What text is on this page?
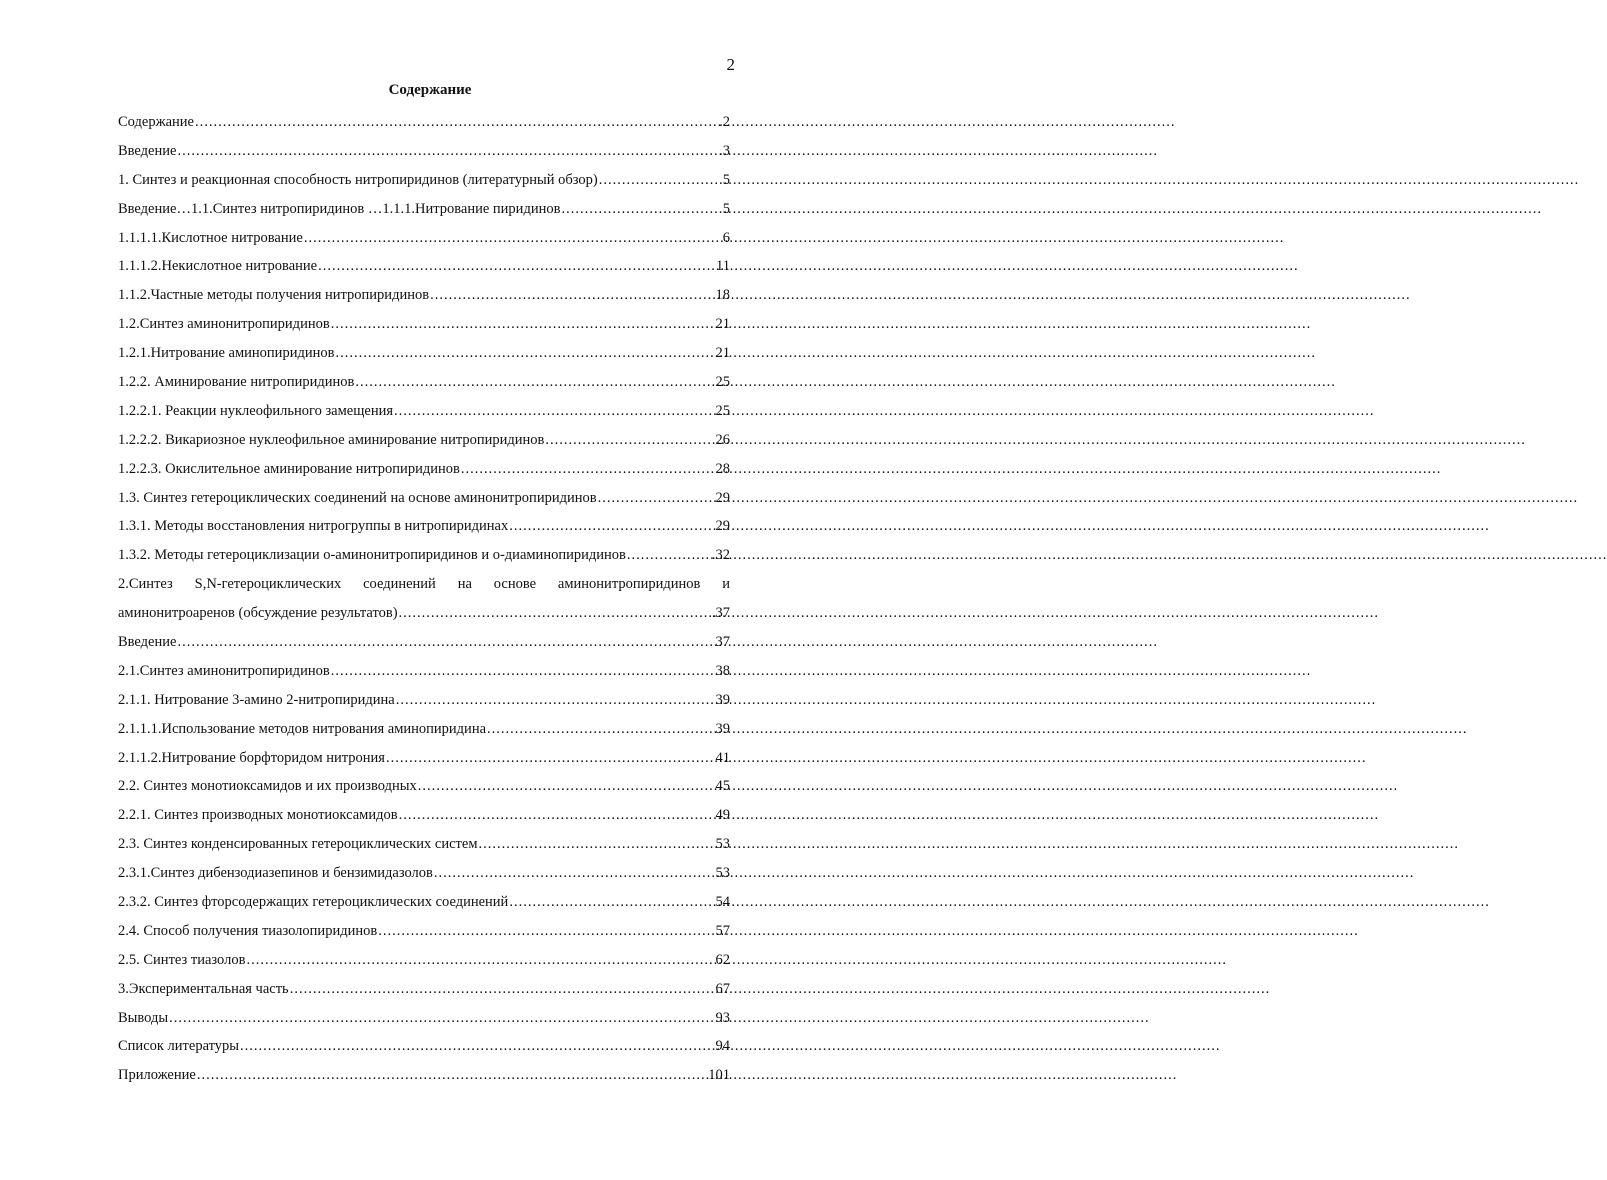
2
Содержание
Содержание .....	.2
Введение .....	.3
1. Синтез и реакционная способность нитропиридинов (литературный обзор) .....	5
Введение…1.1.Синтез нитропиридинов …1.1.1.Нитрование пиридинов .....	5
1.1.1.1.Кислотное нитрование .....	6
1.1.1.2.Некислотное нитрование .....	11
1.1.2.Частные методы получения нитропиридинов .....	18
1.2.Синтез аминонитропиридинов .....	21
1.2.1.Нитрование аминопиридинов .....	21
1.2.2. Аминирование нитропиридинов .....	25
1.2.2.1. Реакции нуклеофильного замещения .....	25
1.2.2.2. Викариозное нуклеофильное аминирование нитропиридинов .....	26
1.2.2.3. Окислительное аминирование нитропиридинов .....	28
1.3. Синтез гетероциклических соединений на основе аминонитропиридинов .....	29
1.3.1. Методы восстановления нитрогруппы в нитропиридинах .....	29
1.3.2. Методы гетероциклизации о-аминонитропиридинов и о-диаминопиридинов .....	.32
2.Синтез S,N-гетероциклических соединений на основе аминонитропиридинов и
аминонитроаренов (обсуждение результатов) .....	.37
Введение .....	37
2.1.Синтез аминонитропиридинов .....	38
2.1.1. Нитрование 3-амино 2-нитропиридина .....	39
2.1.1.1.Использование методов нитрования аминопиридина .....	39
2.1.1.2.Нитрование борфторидом нитрония .....	41
2.2. Синтез монотиоксамидов и их производных .....	45
2.2.1. Синтез производных монотиоксамидов .....	49
2.3. Синтез конденсированных гетероциклических систем .....	53
2.3.1.Синтез дибензодиазепинов и бензимидазолов .....	53
2.3.2. Синтез фторсодержащих гетероциклических соединений .....	54
2.4. Способ получения тиазолопиридинов .....	57
2.5. Синтез тиазолов .....	62
3.Экспериментальная часть .....	67
Выводы .....	93
Список литературы .....	94
Приложение .....	101
